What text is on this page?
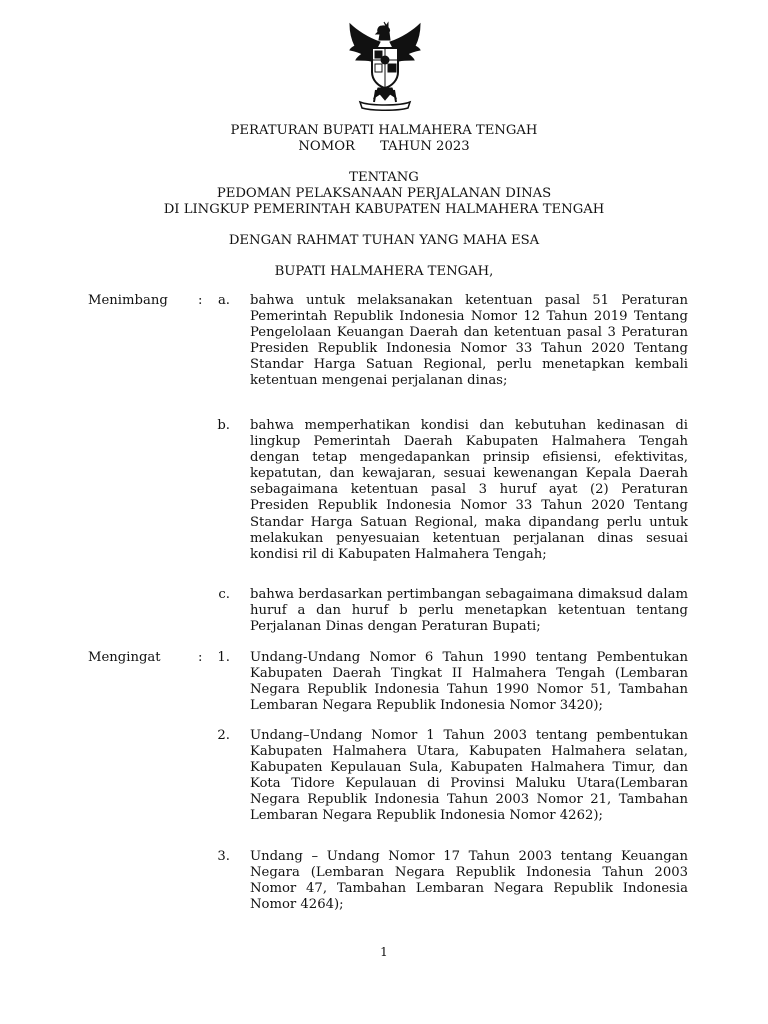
PERATURAN BUPATI HALMAHERA TENGAH
NOMOR      TAHUN 2023
TENTANG
PEDOMAN PELAKSANAAN PERJALANAN DINAS
DI LINGKUP PEMERINTAH KABUPATEN HALMAHERA TENGAH
DENGAN RAHMAT TUHAN YANG MAHA ESA
BUPATI HALMAHERA TENGAH,
Menimbang :	a. bahwa untuk melaksanakan ketentuan pasal 51 Peraturan Pemerintah Republik Indonesia Nomor 12 Tahun 2019 Tentang Pengelolaan Keuangan Daerah dan ketentuan pasal 3 Peraturan Presiden Republik Indonesia Nomor 33 Tahun 2020 Tentang Standar Harga Satuan Regional, perlu menetapkan kembali ketentuan mengenai perjalanan dinas;
b. bahwa memperhatikan kondisi dan kebutuhan kedinasan di lingkup Pemerintah Daerah Kabupaten Halmahera Tengah dengan tetap mengedapankan prinsip efisiensi, efektivitas, kepatutan, dan kewajaran, sesuai kewenangan Kepala Daerah sebagaimana ketentuan pasal 3 huruf ayat (2) Peraturan Presiden Republik Indonesia Nomor 33 Tahun 2020 Tentang Standar Harga Satuan Regional, maka dipandang perlu untuk melakukan penyesuaian ketentuan perjalanan dinas sesuai kondisi ril di Kabupaten Halmahera Tengah;
c. bahwa berdasarkan pertimbangan sebagaimana dimaksud dalam huruf a dan huruf b perlu menetapkan ketentuan tentang Perjalanan Dinas dengan Peraturan Bupati;
Mengingat	:	1. Undang-Undang Nomor 6 Tahun 1990 tentang Pembentukan Kabupaten Daerah Tingkat II Halmahera Tengah (Lembaran Negara Republik Indonesia Tahun 1990 Nomor 51, Tambahan Lembaran Negara Republik Indonesia Nomor 3420);
2. Undang–Undang Nomor 1 Tahun 2003 tentang pembentukan Kabupaten Halmahera Utara, Kabupaten Halmahera selatan, Kabupaten Kepulauan Sula, Kabupaten Halmahera Timur, dan Kota Tidore Kepulauan di Provinsi Maluku Utara(Lembaran Negara Republik Indonesia Tahun 2003 Nomor 21, Tambahan Lembaran Negara Republik Indonesia Nomor 4262);
3. Undang – Undang Nomor 17 Tahun 2003 tentang Keuangan Negara (Lembaran Negara Republik Indonesia Tahun 2003 Nomor 47, Tambahan Lembaran Negara Republik Indonesia Nomor 4264);
1
